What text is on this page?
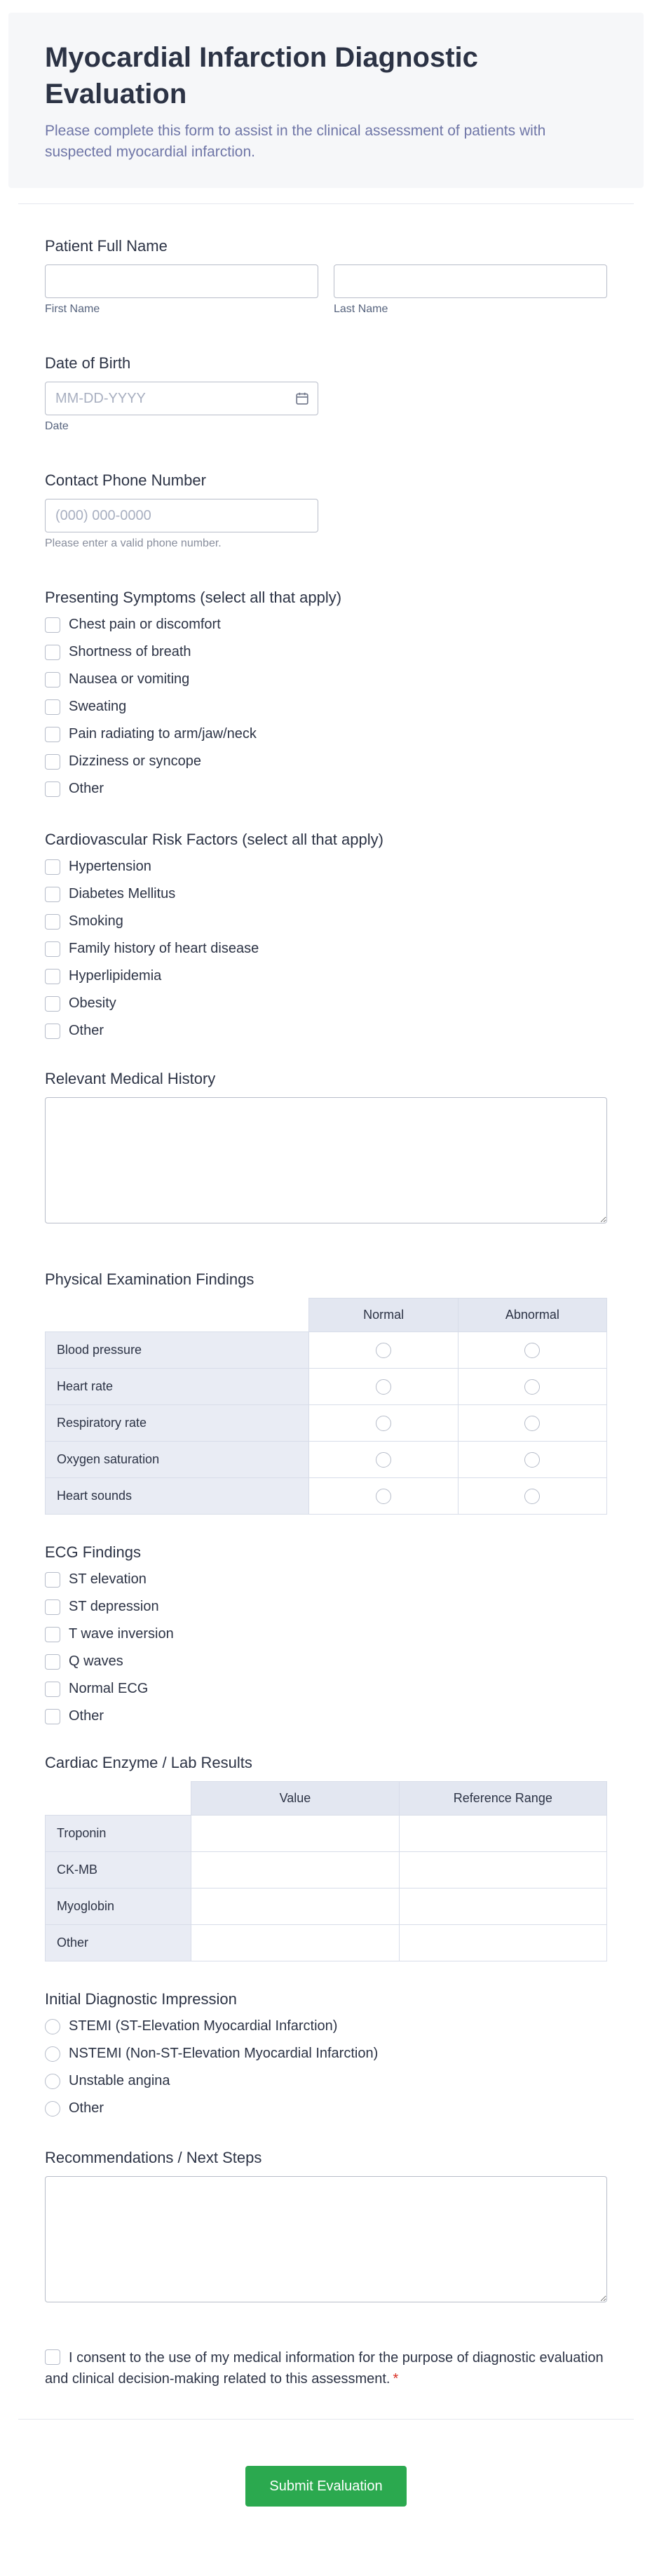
Myocardial Infarction Diagnostic Evaluation

Please complete this form to assist in the clinical assessment of patients with suspected myocardial infarction.

Patient Full Name
First Name	Last Name
Date of Birth
MM-DD-YYYY
Date
Contact Phone Number
(000) 000-0000
Please enter a valid phone number.
Presenting Symptoms (select all that apply)
Chest pain or discomfort
Shortness of breath
Nausea or vomiting
Sweating
Pain radiating to arm/jaw/neck
Dizziness or syncope
Other
Cardiovascular Risk Factors (select all that apply)
Hypertension
Diabetes Mellitus
Smoking
Family history of heart disease
Hyperlipidemia
Obesity
Other
Relevant Medical History
Physical Examination Findings
	Normal	Abnormal
Blood pressure		
Heart rate		
Respiratory rate		
Oxygen saturation		
Heart sounds		
ECG Findings
ST elevation
ST depression
T wave inversion
Q waves
Normal ECG
Other
Cardiac Enzyme / Lab Results
	Value	Reference Range
Troponin		
CK-MB		
Myoglobin		
Other		
Initial Diagnostic Impression
STEMI (ST-Elevation Myocardial Infarction)
NSTEMI (Non-ST-Elevation Myocardial Infarction)
Unstable angina
Other
Recommendations / Next Steps
I consent to the use of my medical information for the purpose of diagnostic evaluation and clinical decision-making related to this assessment. *
Submit Evaluation
